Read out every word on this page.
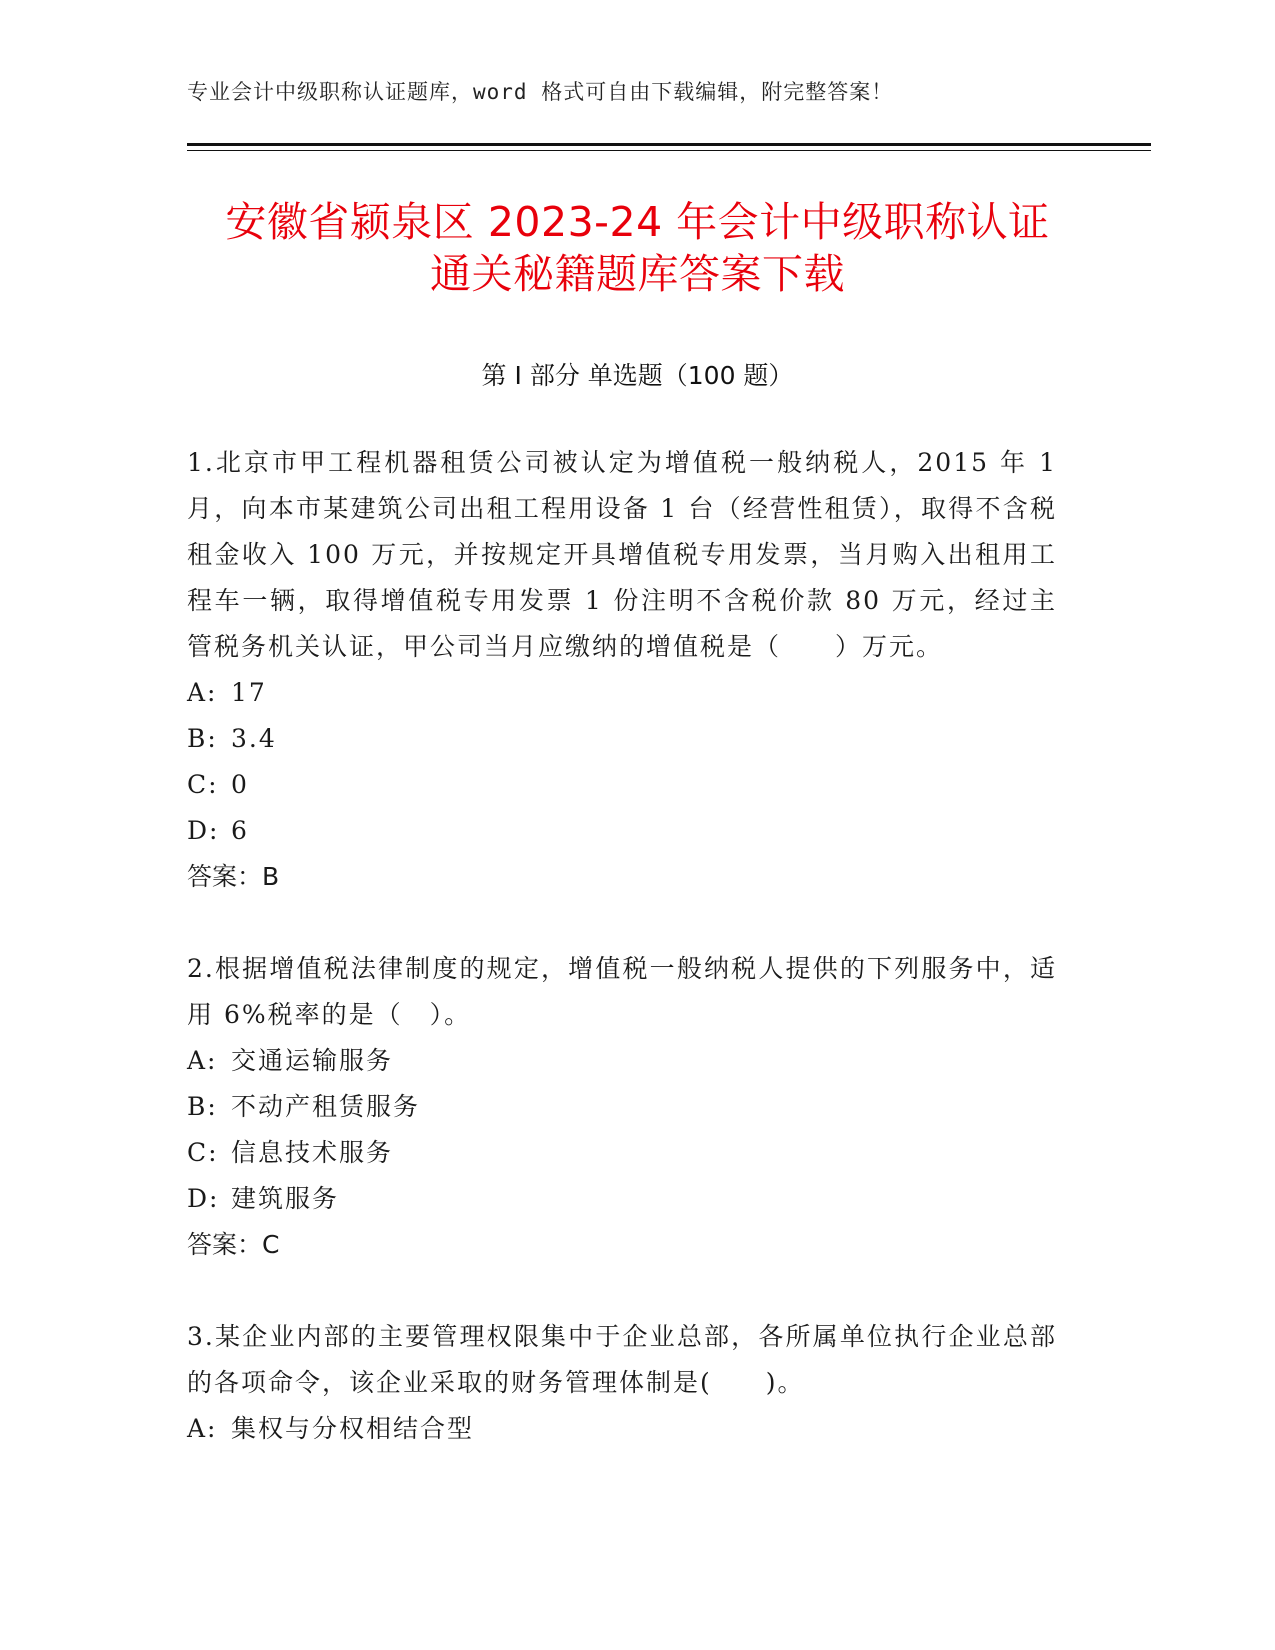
专业会计中级职称认证题库，word 格式可自由下载编辑，附完整答案！
安徽省颍泉区 2023-24 年会计中级职称认证
通关秘籍题库答案下载
第 I 部分 单选题（100 题）

1.北京市甲工程机器租赁公司被认定为增值税一般纳税人，2015 年 1 月，向本市某建筑公司出租工程用设备 1 台（经营性租赁），取得不含税租金收入 100 万元，并按规定开具增值税专用发票，当月购入出租用工程车一辆，取得增值税专用发票 1 份注明不含税价款 80 万元，经过主管税务机关认证，甲公司当月应缴纳的增值税是（　　）万元。

A: 17

B: 3.4

C: 0

D: 6

答案：B

2.根据增值税法律制度的规定，增值税一般纳税人提供的下列服务中，适用 6%税率的是（　）。

A: 交通运输服务

B: 不动产租赁服务

C: 信息技术服务

D: 建筑服务

答案：C

3.某企业内部的主要管理权限集中于企业总部，各所属单位执行企业总部的各项命令，该企业采取的财务管理体制是(　　)。

A: 集权与分权相结合型
